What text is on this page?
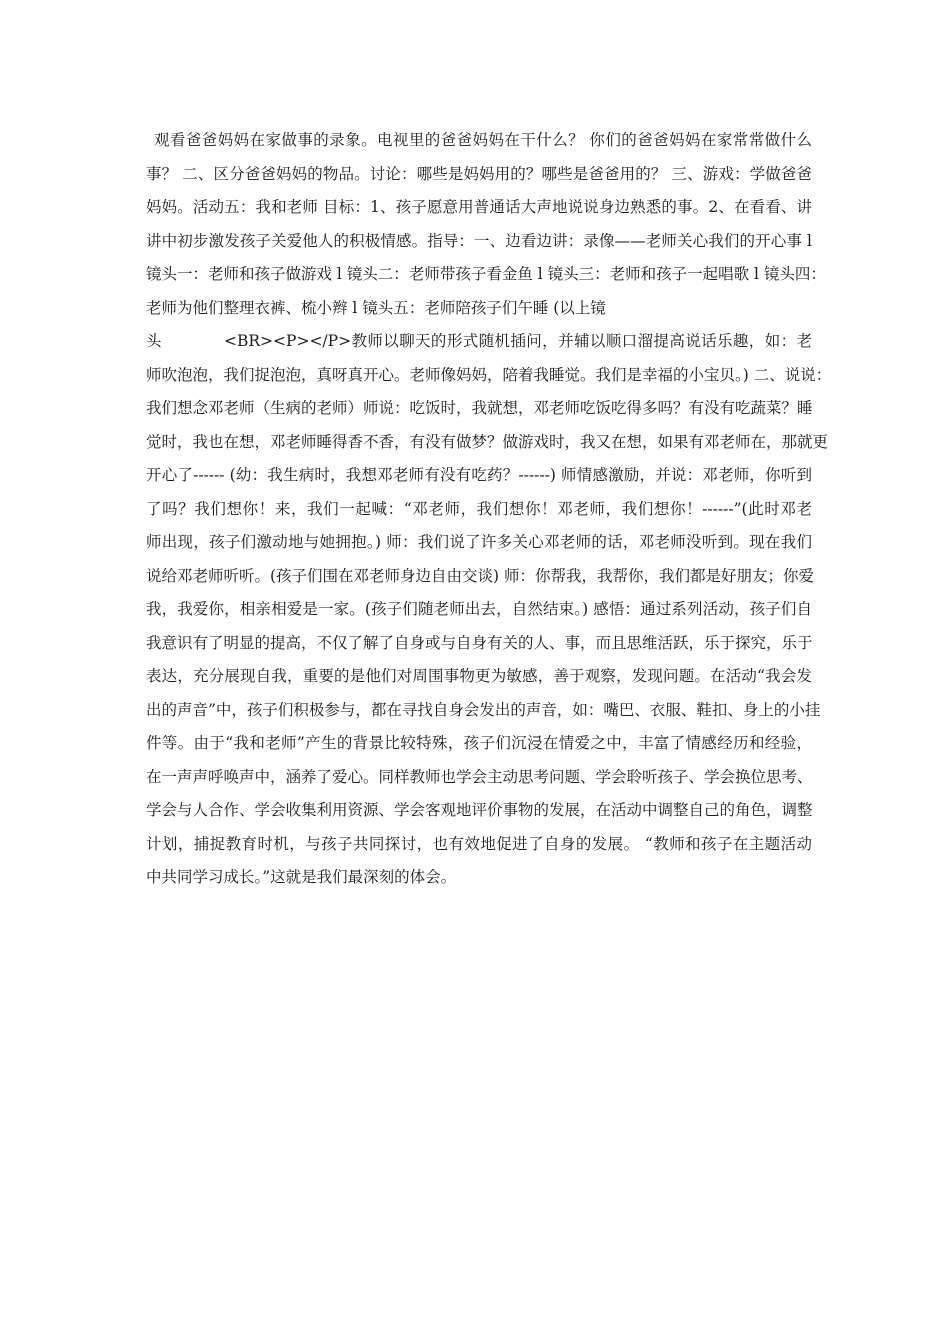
观看爸爸妈妈在家做事的录象。电视里的爸爸妈妈在干什么？ 你们的爸爸妈妈在家常常做什么
事？ 二、区分爸爸妈妈的物品。讨论：哪些是妈妈用的？哪些是爸爸用的？ 三、游戏：学做爸爸
妈妈。活动五：我和老师 目标：1、孩子愿意用普通话大声地说说身边熟悉的事。2、在看看、讲
讲中初步激发孩子关爱他人的积极情感。指导：一、边看边讲：录像——老师关心我们的开心事 l
镜头一：老师和孩子做游戏 l 镜头二：老师带孩子看金鱼 l 镜头三：老师和孩子一起唱歌 l 镜头四：
老师为他们整理衣裤、梳小辫 l 镜头五：老师陪孩子们午睡 (以上镜
头	<BR><P></P>教师以聊天的形式随机插问，并辅以顺口溜提高说话乐趣，如：老
师吹泡泡，我们捉泡泡，真呀真开心。老师像妈妈，陪着我睡觉。我们是幸福的小宝贝。) 二、说说：
我们想念邓老师（生病的老师）师说：吃饭时，我就想，邓老师吃饭吃得多吗？有没有吃蔬菜？睡
觉时，我也在想，邓老师睡得香不香，有没有做梦？做游戏时，我又在想，如果有邓老师在，那就更
开心了------ (幼：我生病时，我想邓老师有没有吃药？------) 师情感激励，并说：邓老师，你听到
了吗？我们想你！来，我们一起喊：“邓老师，我们想你！邓老师，我们想你！------”(此时邓老
师出现，孩子们激动地与她拥抱。) 师：我们说了许多关心邓老师的话，邓老师没听到。现在我们
说给邓老师听听。(孩子们围在邓老师身边自由交谈) 师：你帮我，我帮你，我们都是好朋友；你爱
我，我爱你，相亲相爱是一家。(孩子们随老师出去，自然结束。) 感悟：通过系列活动，孩子们自
我意识有了明显的提高，不仅了解了自身或与自身有关的人、事，而且思维活跃，乐于探究，乐于
表达，充分展现自我，重要的是他们对周围事物更为敏感，善于观察，发现问题。在活动“我会发
出的声音”中，孩子们积极参与，都在寻找自身会发出的声音，如：嘴巴、衣服、鞋扣、身上的小挂
件等。由于“我和老师”产生的背景比较特殊，孩子们沉浸在情爱之中，丰富了情感经历和经验，
在一声声呼唤声中，涵养了爱心。同样教师也学会主动思考问题、学会聆听孩子、学会换位思考、
学会与人合作、学会收集利用资源、学会客观地评价事物的发展，在活动中调整自己的角色，调整
计划，捕捉教育时机，与孩子共同探讨，也有效地促进了自身的发展。 “教师和孩子在主题活动
中共同学习成长。”这就是我们最深刻的体会。
